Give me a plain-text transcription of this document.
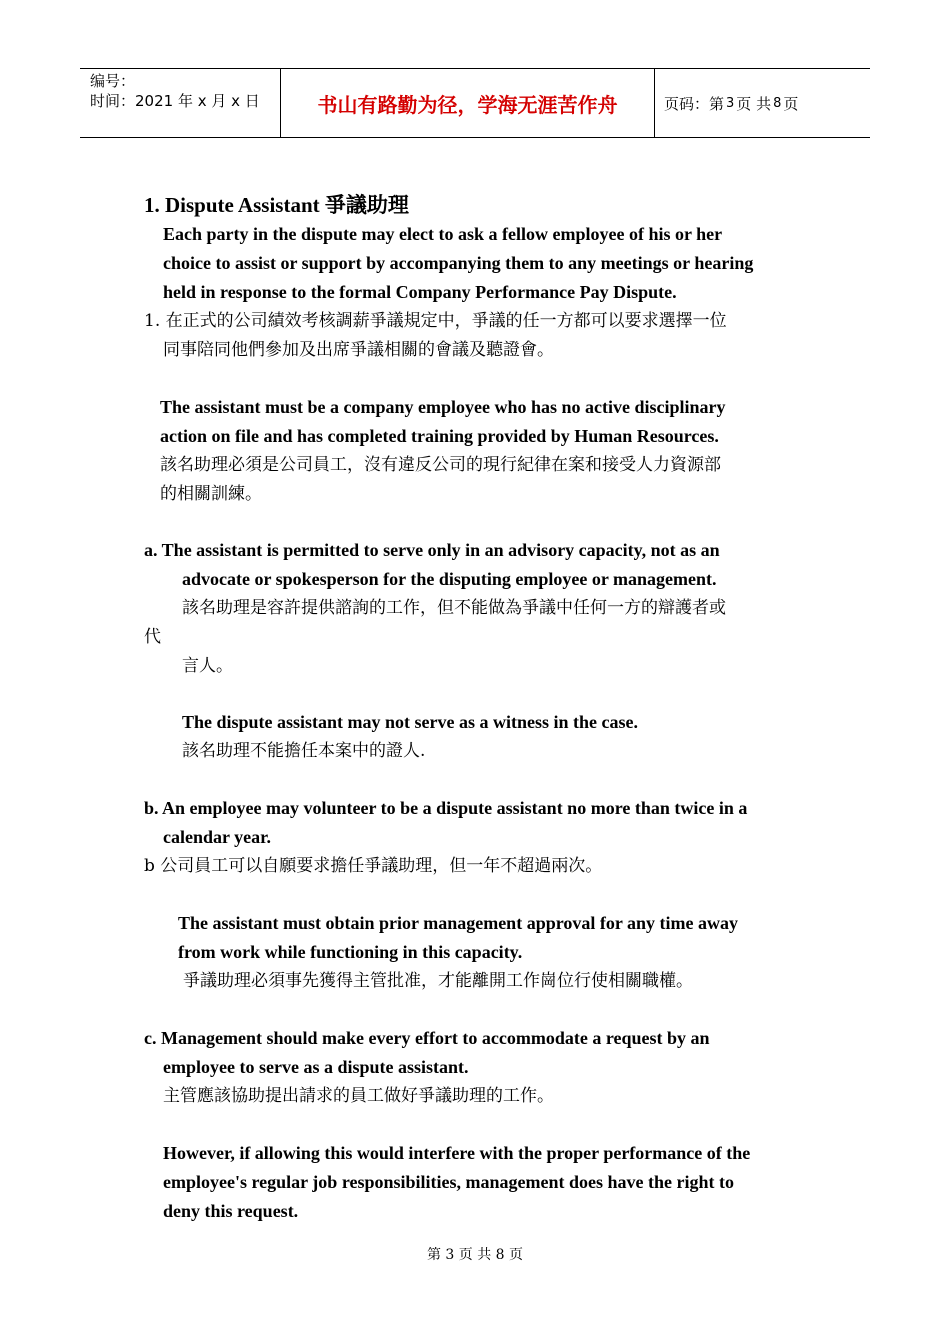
编号：
时间：2021 年 x 月 x 日	书山有路勤为径，学海无涯苦作舟	页码：第 3 页 共 8 页
1. Dispute Assistant 爭議助理
Each party in the dispute may elect to ask a fellow employee of his or her
choice to assist or support by accompanying them to any meetings or hearing
held in response to the formal Company Performance Pay Dispute.
1. 在正式的公司績效考核調薪爭議規定中，爭議的任一方都可以要求選擇一位
同事陪同他們參加及出席爭議相關的會議及聽證會。
The assistant must be a company employee who has no active disciplinary
action on file and has completed training provided by Human Resources.
該名助理必須是公司員工，沒有違反公司的現行紀律在案和接受人力資源部
的相關訓練。
a. The assistant is permitted to serve only in an advisory capacity, not as an
advocate or spokesperson for the disputing employee or management.
該名助理是容許提供諮詢的工作，但不能做為爭議中任何一方的辯護者或
代
言人。
The dispute assistant may not serve as a witness in the case.
該名助理不能擔任本案中的證人.
b. An employee may volunteer to be a dispute assistant no more than twice in a
calendar year.
b 公司員工可以自願要求擔任爭議助理，但一年不超過兩次。
The assistant must obtain prior management approval for any time away
from work while functioning in this capacity.
爭議助理必須事先獲得主管批准，才能離開工作崗位行使相關職權。
c. Management should make every effort to accommodate a request by an
employee to serve as a dispute assistant.
主管應該協助提出請求的員工做好爭議助理的工作。
However, if allowing this would interfere with the proper performance of the
employee's regular job responsibilities, management does have the right to
deny this request.
第 3 页 共 8 页
